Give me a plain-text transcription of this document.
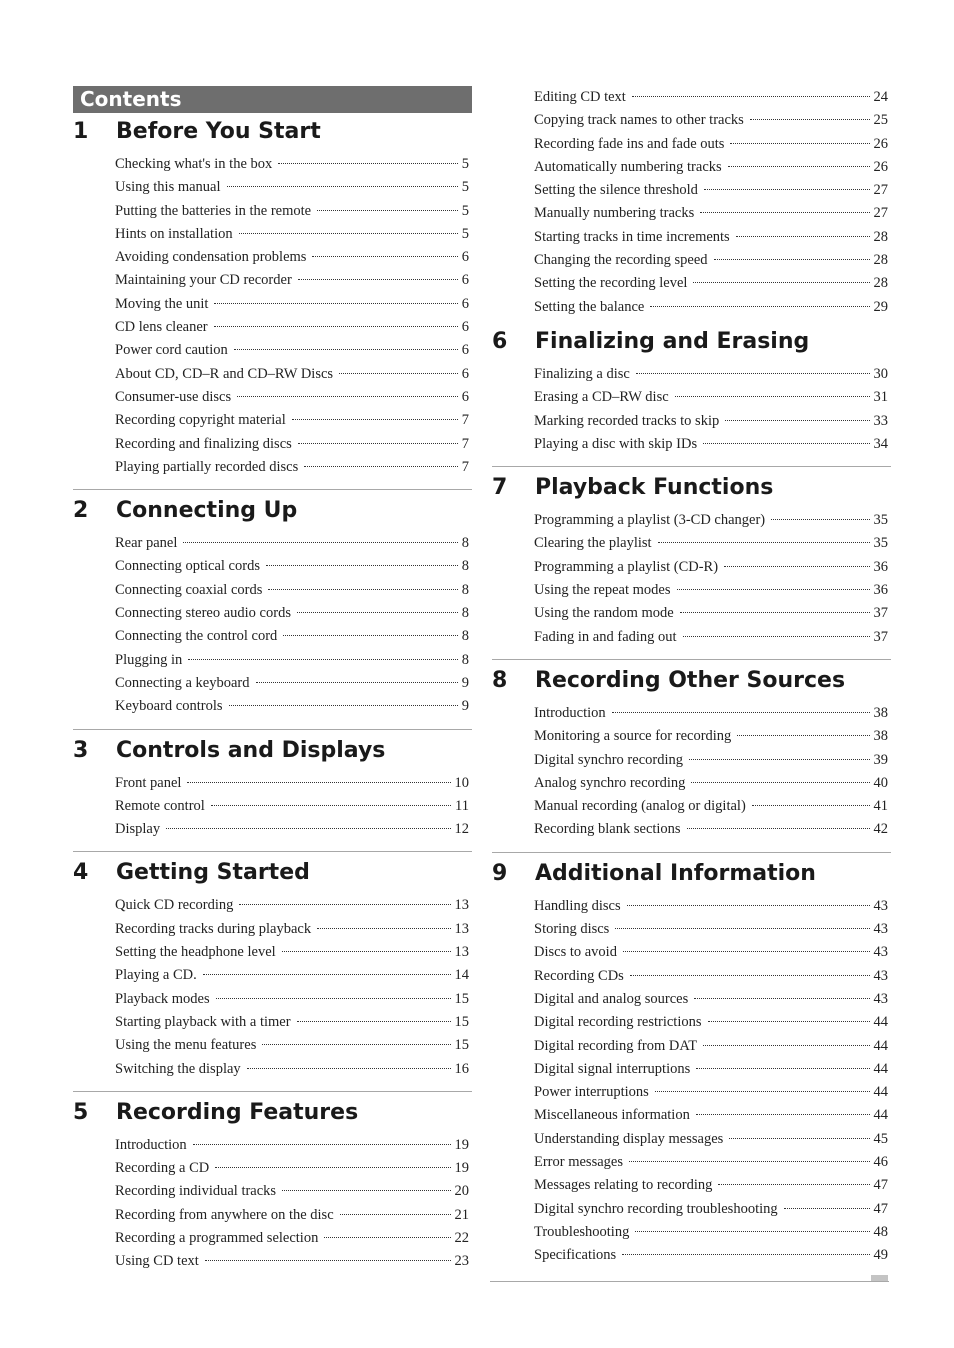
Contents
1	Before You Start
Checking what's in the box	5
Using this manual	5
Putting the batteries in the remote	5
Hints on installation	5
Avoiding condensation problems	6
Maintaining your CD recorder	6
Moving the unit	6
CD lens cleaner	6
Power cord caution	6
About CD, CD–R and CD–RW Discs	6
Consumer-use discs	6
Recording copyright material	7
Recording and finalizing discs	7
Playing partially recorded discs	7
2	Connecting Up
Rear panel	8
Connecting optical cords	8
Connecting coaxial cords	8
Connecting stereo audio cords	8
Connecting the control cord	8
Plugging in	8
Connecting a keyboard	9
Keyboard controls	9
3	Controls and Displays
Front panel	10
Remote control	11
Display	12
4	Getting Started
Quick CD recording	13
Recording tracks during playback	13
Setting the headphone level	13
Playing a CD.	14
Playback modes	15
Starting playback with a timer	15
Using the menu features	15
Switching the display	16
5	Recording Features
Introduction	19
Recording a CD	19
Recording individual tracks	20
Recording from anywhere on the disc	21
Recording a programmed selection	22
Using CD text	23
Editing CD text	24
Copying track names to other tracks	25
Recording fade ins and fade outs	26
Automatically numbering tracks	26
Setting the silence threshold	27
Manually numbering tracks	27
Starting tracks in time increments	28
Changing the recording speed	28
Setting the recording level	28
Setting the balance	29
6	Finalizing and Erasing
Finalizing a disc	30
Erasing a CD–RW disc	31
Marking recorded tracks to skip	33
Playing a disc with skip IDs	34
7	Playback Functions
Programming a playlist (3-CD changer)	35
Clearing the playlist	35
Programming a playlist (CD-R)	36
Using the repeat modes	36
Using the random mode	37
Fading in and fading out	37
8	Recording Other Sources
Introduction	38
Monitoring a source for recording	38
Digital synchro recording	39
Analog synchro recording	40
Manual recording (analog or digital)	41
Recording blank sections	42
9	Additional Information
Handling discs	43
Storing discs	43
Discs to avoid	43
Recording CDs	43
Digital and analog sources	43
Digital recording restrictions	44
Digital recording from DAT	44
Digital signal interruptions	44
Power interruptions	44
Miscellaneous information	44
Understanding display messages	45
Error messages	46
Messages relating to recording	47
Digital synchro recording troubleshooting	47
Troubleshooting	48
Specifications	49
